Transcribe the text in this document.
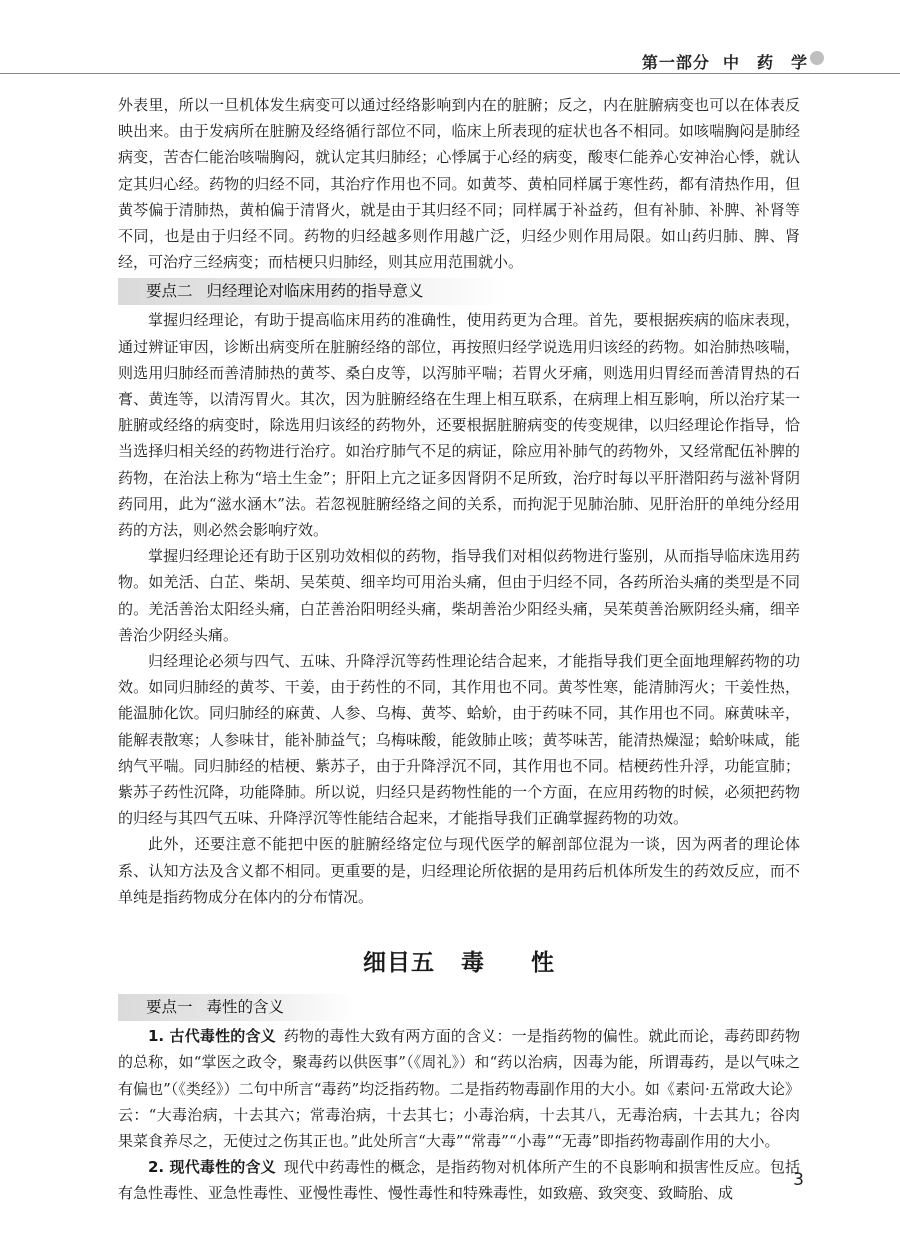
第一部分 中　药　学

外表里，所以一旦机体发生病变可以通过经络影响到内在的脏腑；反之，内在脏腑病变也可以在体表反映出来。由于发病所在脏腑及经络循行部位不同，临床上所表现的症状也各不相同。如咳喘胸闷是肺经病变，苦杏仁能治咳喘胸闷，就认定其归肺经；心悸属于心经的病变，酸枣仁能养心安神治心悸，就认定其归心经。药物的归经不同，其治疗作用也不同。如黄芩、黄柏同样属于寒性药，都有清热作用，但黄芩偏于清肺热，黄柏偏于清肾火，就是由于其归经不同；同样属于补益药，但有补肺、补脾、补肾等不同，也是由于归经不同。药物的归经越多则作用越广泛，归经少则作用局限。如山药归肺、脾、肾经，可治疗三经病变；而桔梗只归肺经，则其应用范围就小。

要点二 归经理论对临床用药的指导意义

掌握归经理论，有助于提高临床用药的准确性，使用药更为合理。首先，要根据疾病的临床表现，通过辨证审因，诊断出病变所在脏腑经络的部位，再按照归经学说选用归该经的药物。如治肺热咳喘，则选用归肺经而善清肺热的黄芩、桑白皮等，以泻肺平喘；若胃火牙痛，则选用归胃经而善清胃热的石膏、黄连等，以清泻胃火。其次，因为脏腑经络在生理上相互联系，在病理上相互影响，所以治疗某一脏腑或经络的病变时，除选用归该经的药物外，还要根据脏腑病变的传变规律，以归经理论作指导，恰当选择归相关经的药物进行治疗。如治疗肺气不足的病证，除应用补肺气的药物外，又经常配伍补脾的药物，在治法上称为“培土生金”；肝阳上亢之证多因肾阴不足所致，治疗时每以平肝潜阳药与滋补肾阴药同用，此为“滋水涵木”法。若忽视脏腑经络之间的关系，而拘泥于见肺治肺、见肝治肝的单纯分经用药的方法，则必然会影响疗效。

掌握归经理论还有助于区别功效相似的药物，指导我们对相似药物进行鉴别，从而指导临床选用药物。如羌活、白芷、柴胡、吴茱萸、细辛均可用治头痛，但由于归经不同，各药所治头痛的类型是不同的。羌活善治太阳经头痛，白芷善治阳明经头痛，柴胡善治少阳经头痛，吴茱萸善治厥阴经头痛，细辛善治少阴经头痛。

归经理论必须与四气、五味、升降浮沉等药性理论结合起来，才能指导我们更全面地理解药物的功效。如同归肺经的黄芩、干姜，由于药性的不同，其作用也不同。黄芩性寒，能清肺泻火；干姜性热，能温肺化饮。同归肺经的麻黄、人参、乌梅、黄芩、蛤蚧，由于药味不同，其作用也不同。麻黄味辛，能解表散寒；人参味甘，能补肺益气；乌梅味酸，能敛肺止咳；黄芩味苦，能清热燥湿；蛤蚧味咸，能纳气平喘。同归肺经的桔梗、紫苏子，由于升降浮沉不同，其作用也不同。桔梗药性升浮，功能宣肺；紫苏子药性沉降，功能降肺。所以说，归经只是药物性能的一个方面，在应用药物的时候，必须把药物的归经与其四气五味、升降浮沉等性能结合起来，才能指导我们正确掌握药物的功效。

此外，还要注意不能把中医的脏腑经络定位与现代医学的解剖部位混为一谈，因为两者的理论体系、认知方法及含义都不相同。更重要的是，归经理论所依据的是用药后机体所发生的药效反应，而不单纯是指药物成分在体内的分布情况。

细目五 毒 性
要点一 毒性的含义

1. 古代毒性的含义 药物的毒性大致有两方面的含义：一是指药物的偏性。就此而论，毒药即药物的总称，如“掌医之政令，聚毒药以供医事”（《周礼》）和“药以治病，因毒为能，所谓毒药，是以气味之有偏也”（《类经》）二句中所言“毒药”均泛指药物。二是指药物毒副作用的大小。如《素问·五常政大论》云：“大毒治病，十去其六；常毒治病，十去其七；小毒治病，十去其八，无毒治病，十去其九；谷肉果菜食养尽之，无使过之伤其正也。”此处所言“大毒”“常毒”“小毒”“无毒”即指药物毒副作用的大小。

2. 现代毒性的含义 现代中药毒性的概念，是指药物对机体所产生的不良影响和损害性反应。包括有急性毒性、亚急性毒性、亚慢性毒性、慢性毒性和特殊毒性，如致癌、致突变、致畸胎、成

3
